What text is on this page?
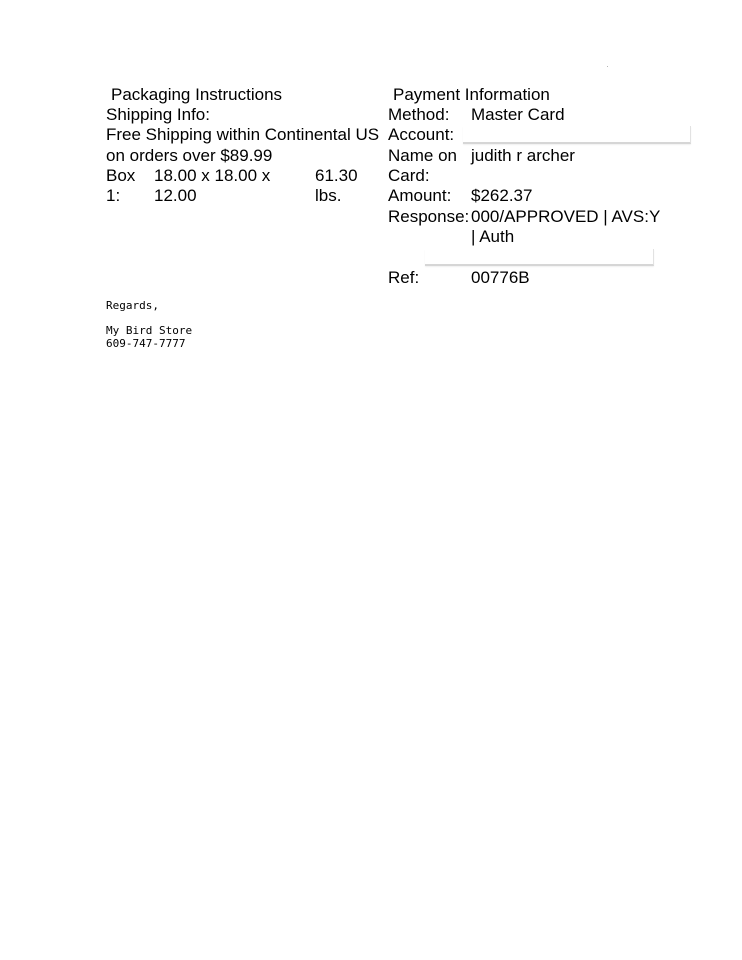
Packaging Instructions
Shipping Info:
Free Shipping within Continental US
on orders over $89.99
Box
1:
18.00 x 18.00 x
12.00
61.30
lbs.
Payment Information
Method: Master Card
Account:
Name on
Card:
judith r archer
Amount: $262.37
Response: 000/APPROVED | AVS:Y
| Auth
Ref:	00776B
Regards,
My Bird Store
609-747-7777
